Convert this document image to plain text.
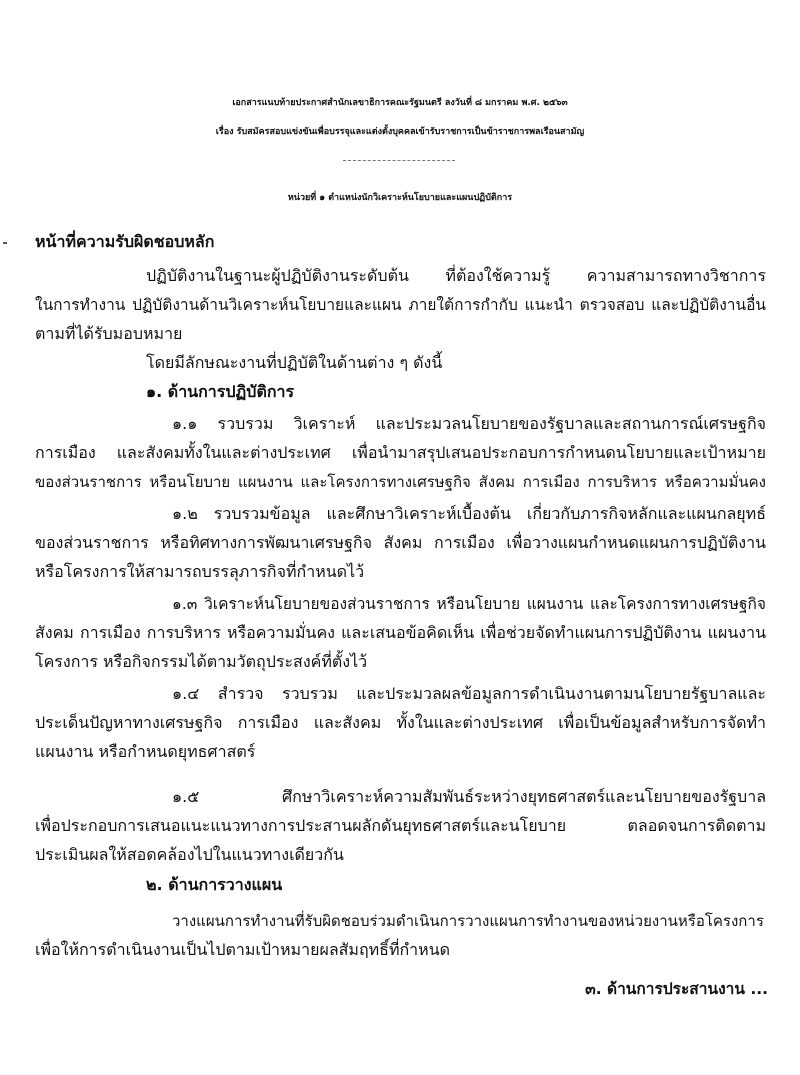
เอกสารแนบท้ายประกาศสำนักเลขาธิการคณะรัฐมนตรี ลงวันที่ ๘ มกราคม พ.ศ. ๒๕๖๓
เรื่อง รับสมัครสอบแข่งขันเพื่อบรรจุและแต่งตั้งบุคคลเข้ารับราชการเป็นข้าราชการพลเรือนสามัญ
หน่วยที่ ๑ ตำแหน่งนักวิเคราะห์นโยบายและแผนปฏิบัติการ
หน้าที่ความรับผิดชอบหลัก
ปฏิบัติงานในฐานะผู้ปฏิบัติงานระดับต้น ที่ต้องใช้ความรู้ ความสามารถทางวิชาการ
ในการทำงาน ปฏิบัติงานด้านวิเคราะห์นโยบายและแผน ภายใต้การกำกับ แนะนำ ตรวจสอบ และปฏิบัติงานอื่น
ตามที่ได้รับมอบหมาย
โดยมีลักษณะงานที่ปฏิบัติในด้านต่าง ๆ ดังนี้
๑. ด้านการปฏิบัติการ
๑.๑ รวบรวม วิเคราะห์ และประมวลนโยบายของรัฐบาลและสถานการณ์เศรษฐกิจ
การเมือง และสังคมทั้งในและต่างประเทศ เพื่อนำมาสรุปเสนอประกอบการกำหนดนโยบายและเป้าหมาย
ของส่วนราชการ หรือนโยบาย แผนงาน และโครงการทางเศรษฐกิจ สังคม การเมือง การบริหาร หรือความมั่นคง
๑.๒ รวบรวมข้อมูล และศึกษาวิเคราะห์เบื้องต้น เกี่ยวกับภารกิจหลักและแผนกลยุทธ์
ของส่วนราชการ หรือทิศทางการพัฒนาเศรษฐกิจ สังคม การเมือง เพื่อวางแผนกำหนดแผนการปฏิบัติงาน
หรือโครงการให้สามารถบรรลุภารกิจที่กำหนดไว้
๑.๓ วิเคราะห์นโยบายของส่วนราชการ หรือนโยบาย แผนงาน และโครงการทางเศรษฐกิจ
สังคม การเมือง การบริหาร หรือความมั่นคง และเสนอข้อคิดเห็น เพื่อช่วยจัดทำแผนการปฏิบัติงาน แผนงาน
โครงการ หรือกิจกรรมได้ตามวัตถุประสงค์ที่ตั้งไว้
๑.๔ สำรวจ รวบรวม และประมวลผลข้อมูลการดำเนินงานตามนโยบายรัฐบาลและ
ประเด็นปัญหาทางเศรษฐกิจ การเมือง และสังคม ทั้งในและต่างประเทศ เพื่อเป็นข้อมูลสำหรับการจัดทำ
แผนงาน หรือกำหนดยุทธศาสตร์
๑.๕ ศึกษาวิเคราะห์ความสัมพันธ์ระหว่างยุทธศาสตร์และนโยบายของรัฐบาล
เพื่อประกอบการเสนอแนะแนวทางการประสานผลักดันยุทธศาสตร์และนโยบาย ตลอดจนการติดตาม
ประเมินผลให้สอดคล้องไปในแนวทางเดียวกัน
๒. ด้านการวางแผน
วางแผนการทำงานที่รับผิดชอบร่วมดำเนินการวางแผนการทำงานของหน่วยงานหรือโครงการ
เพื่อให้การดำเนินงานเป็นไปตามเป้าหมายผลสัมฤทธิ์ที่กำหนด
๓. ด้านการประสานงาน ...
